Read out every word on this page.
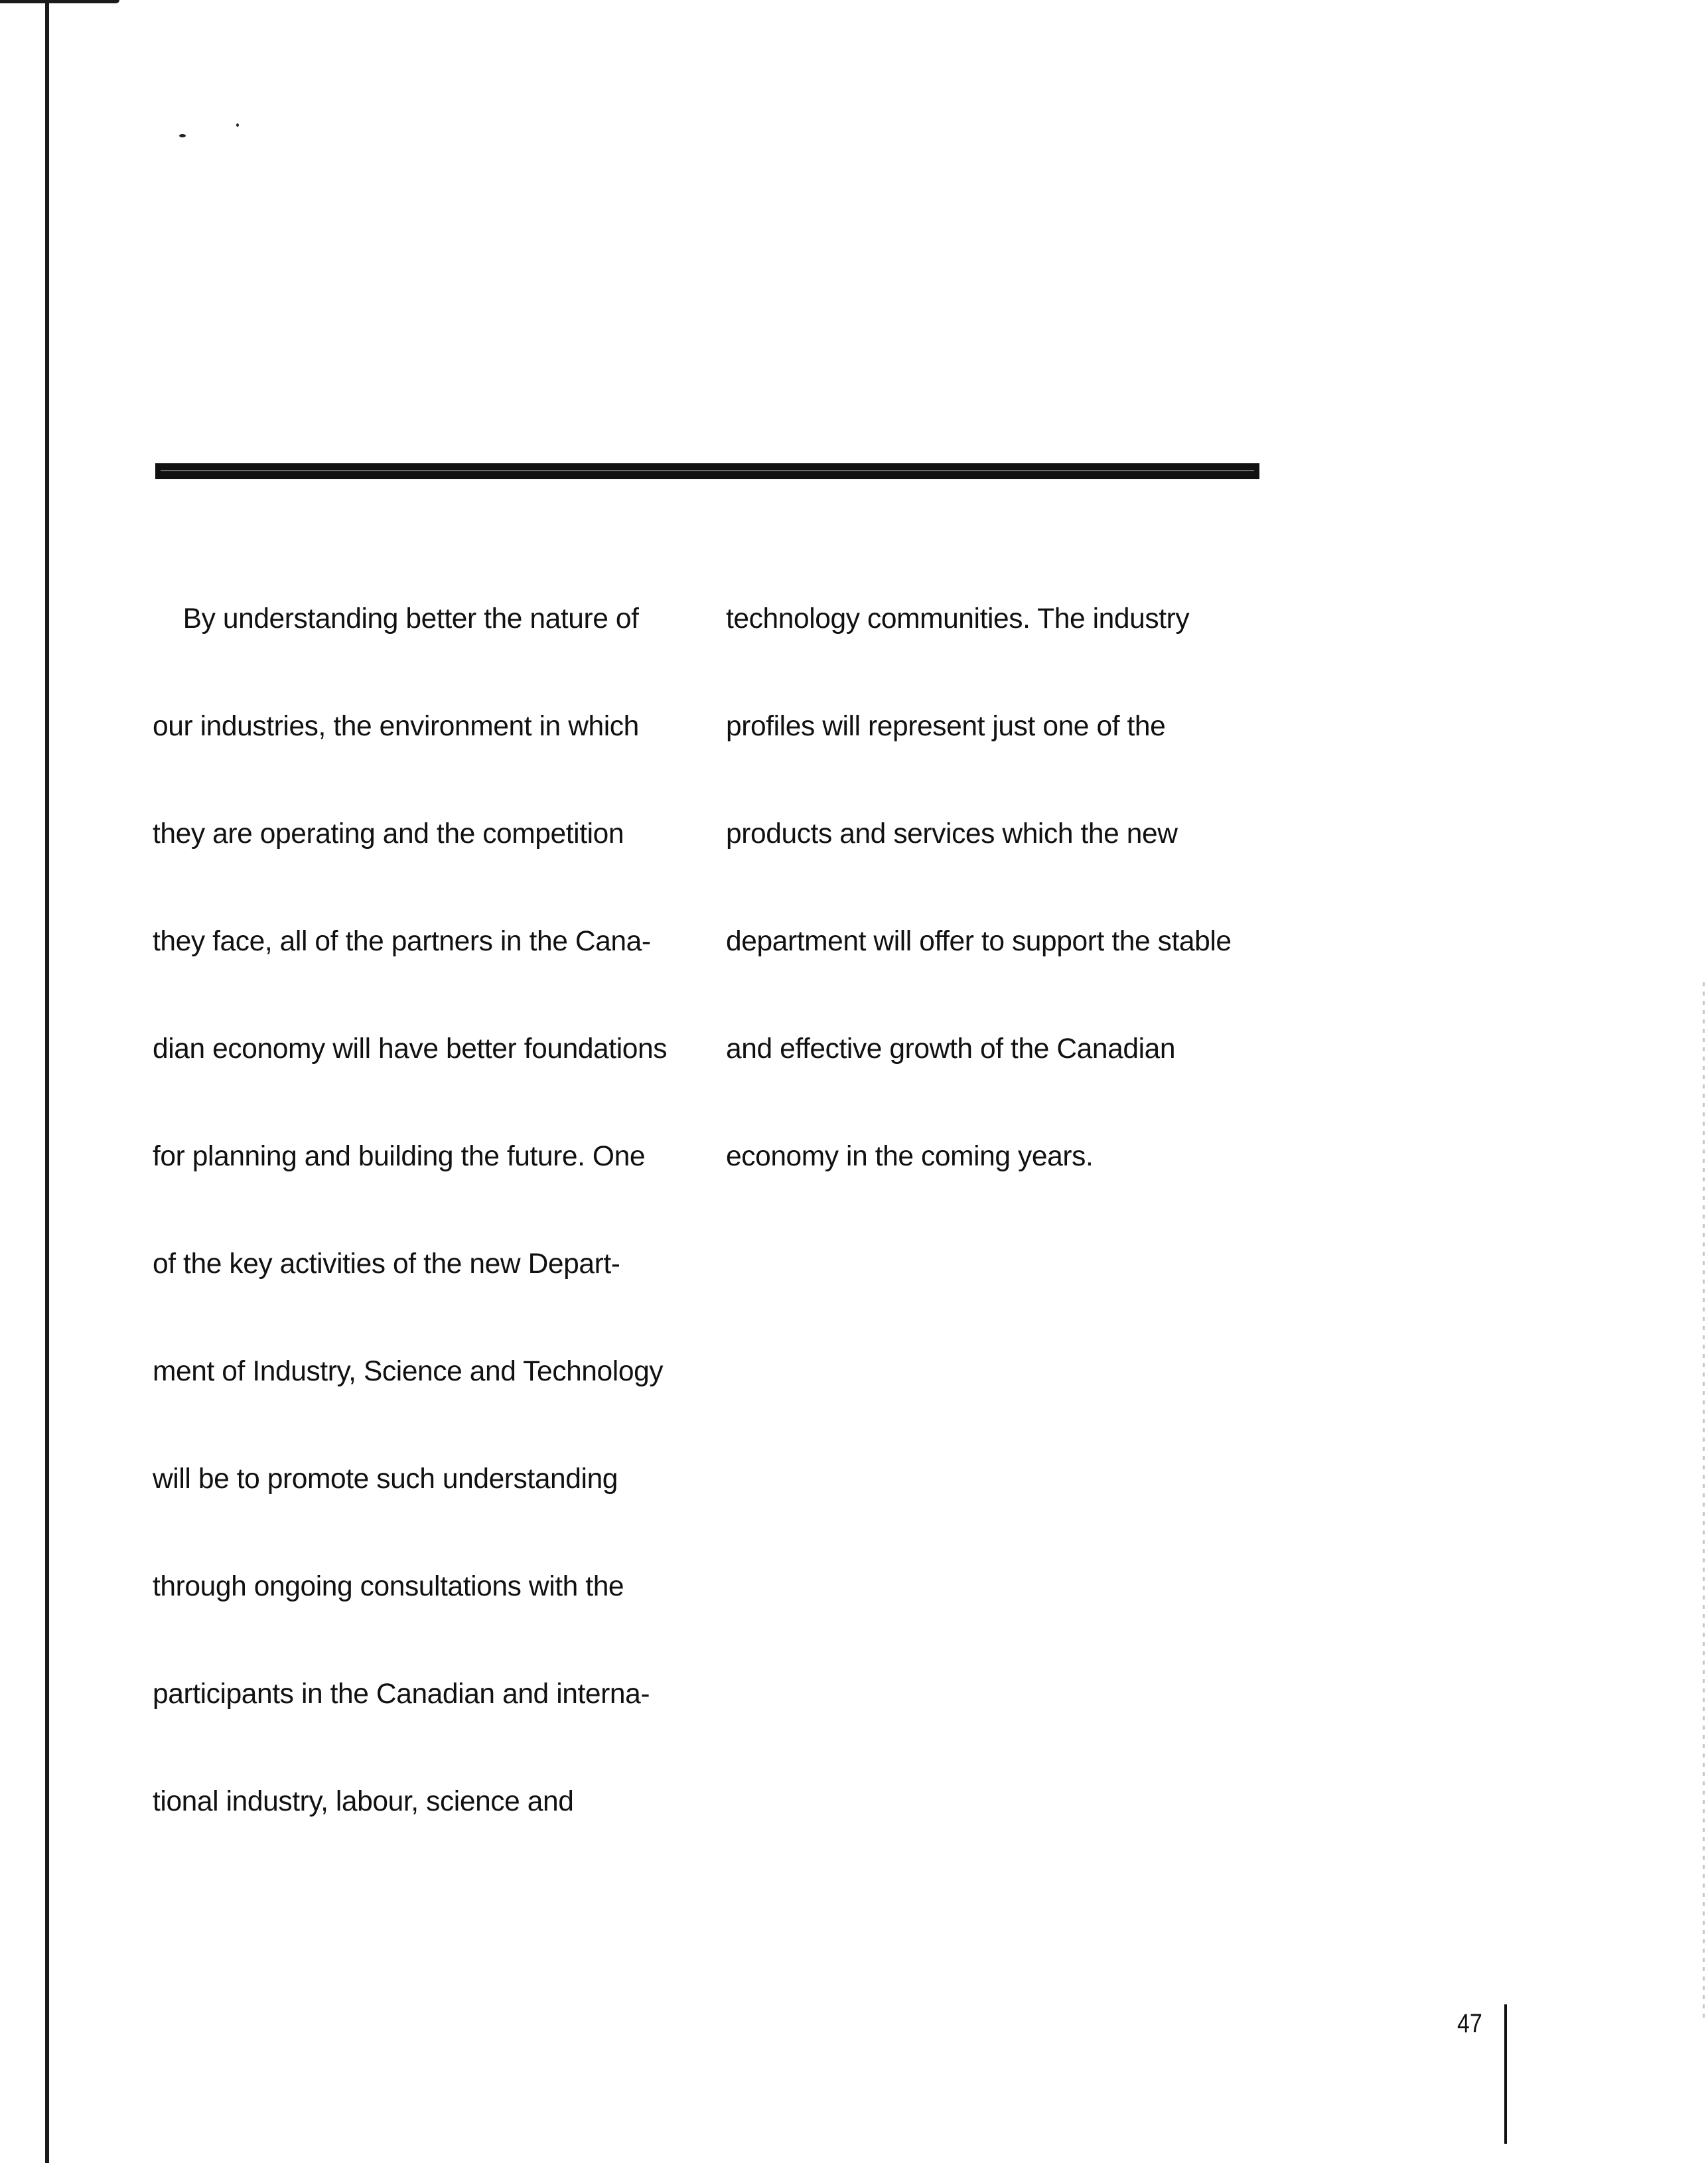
By understanding better the nature of

our industries, the environment in which

they are operating and the competition

they face, all of the partners in the Cana-

dian economy will have better foundations

for planning and building the future. One

of the key activities of the new Depart-

ment of Industry, Science and Technology

will be to promote such understanding

through ongoing consultations with the

participants in the Canadian and interna-

tional industry, labour, science and

technology communities. The industry

profiles will represent just one of the

products and services which the new

department will offer to support the stable

and effective growth of the Canadian

economy in the coming years.

47
